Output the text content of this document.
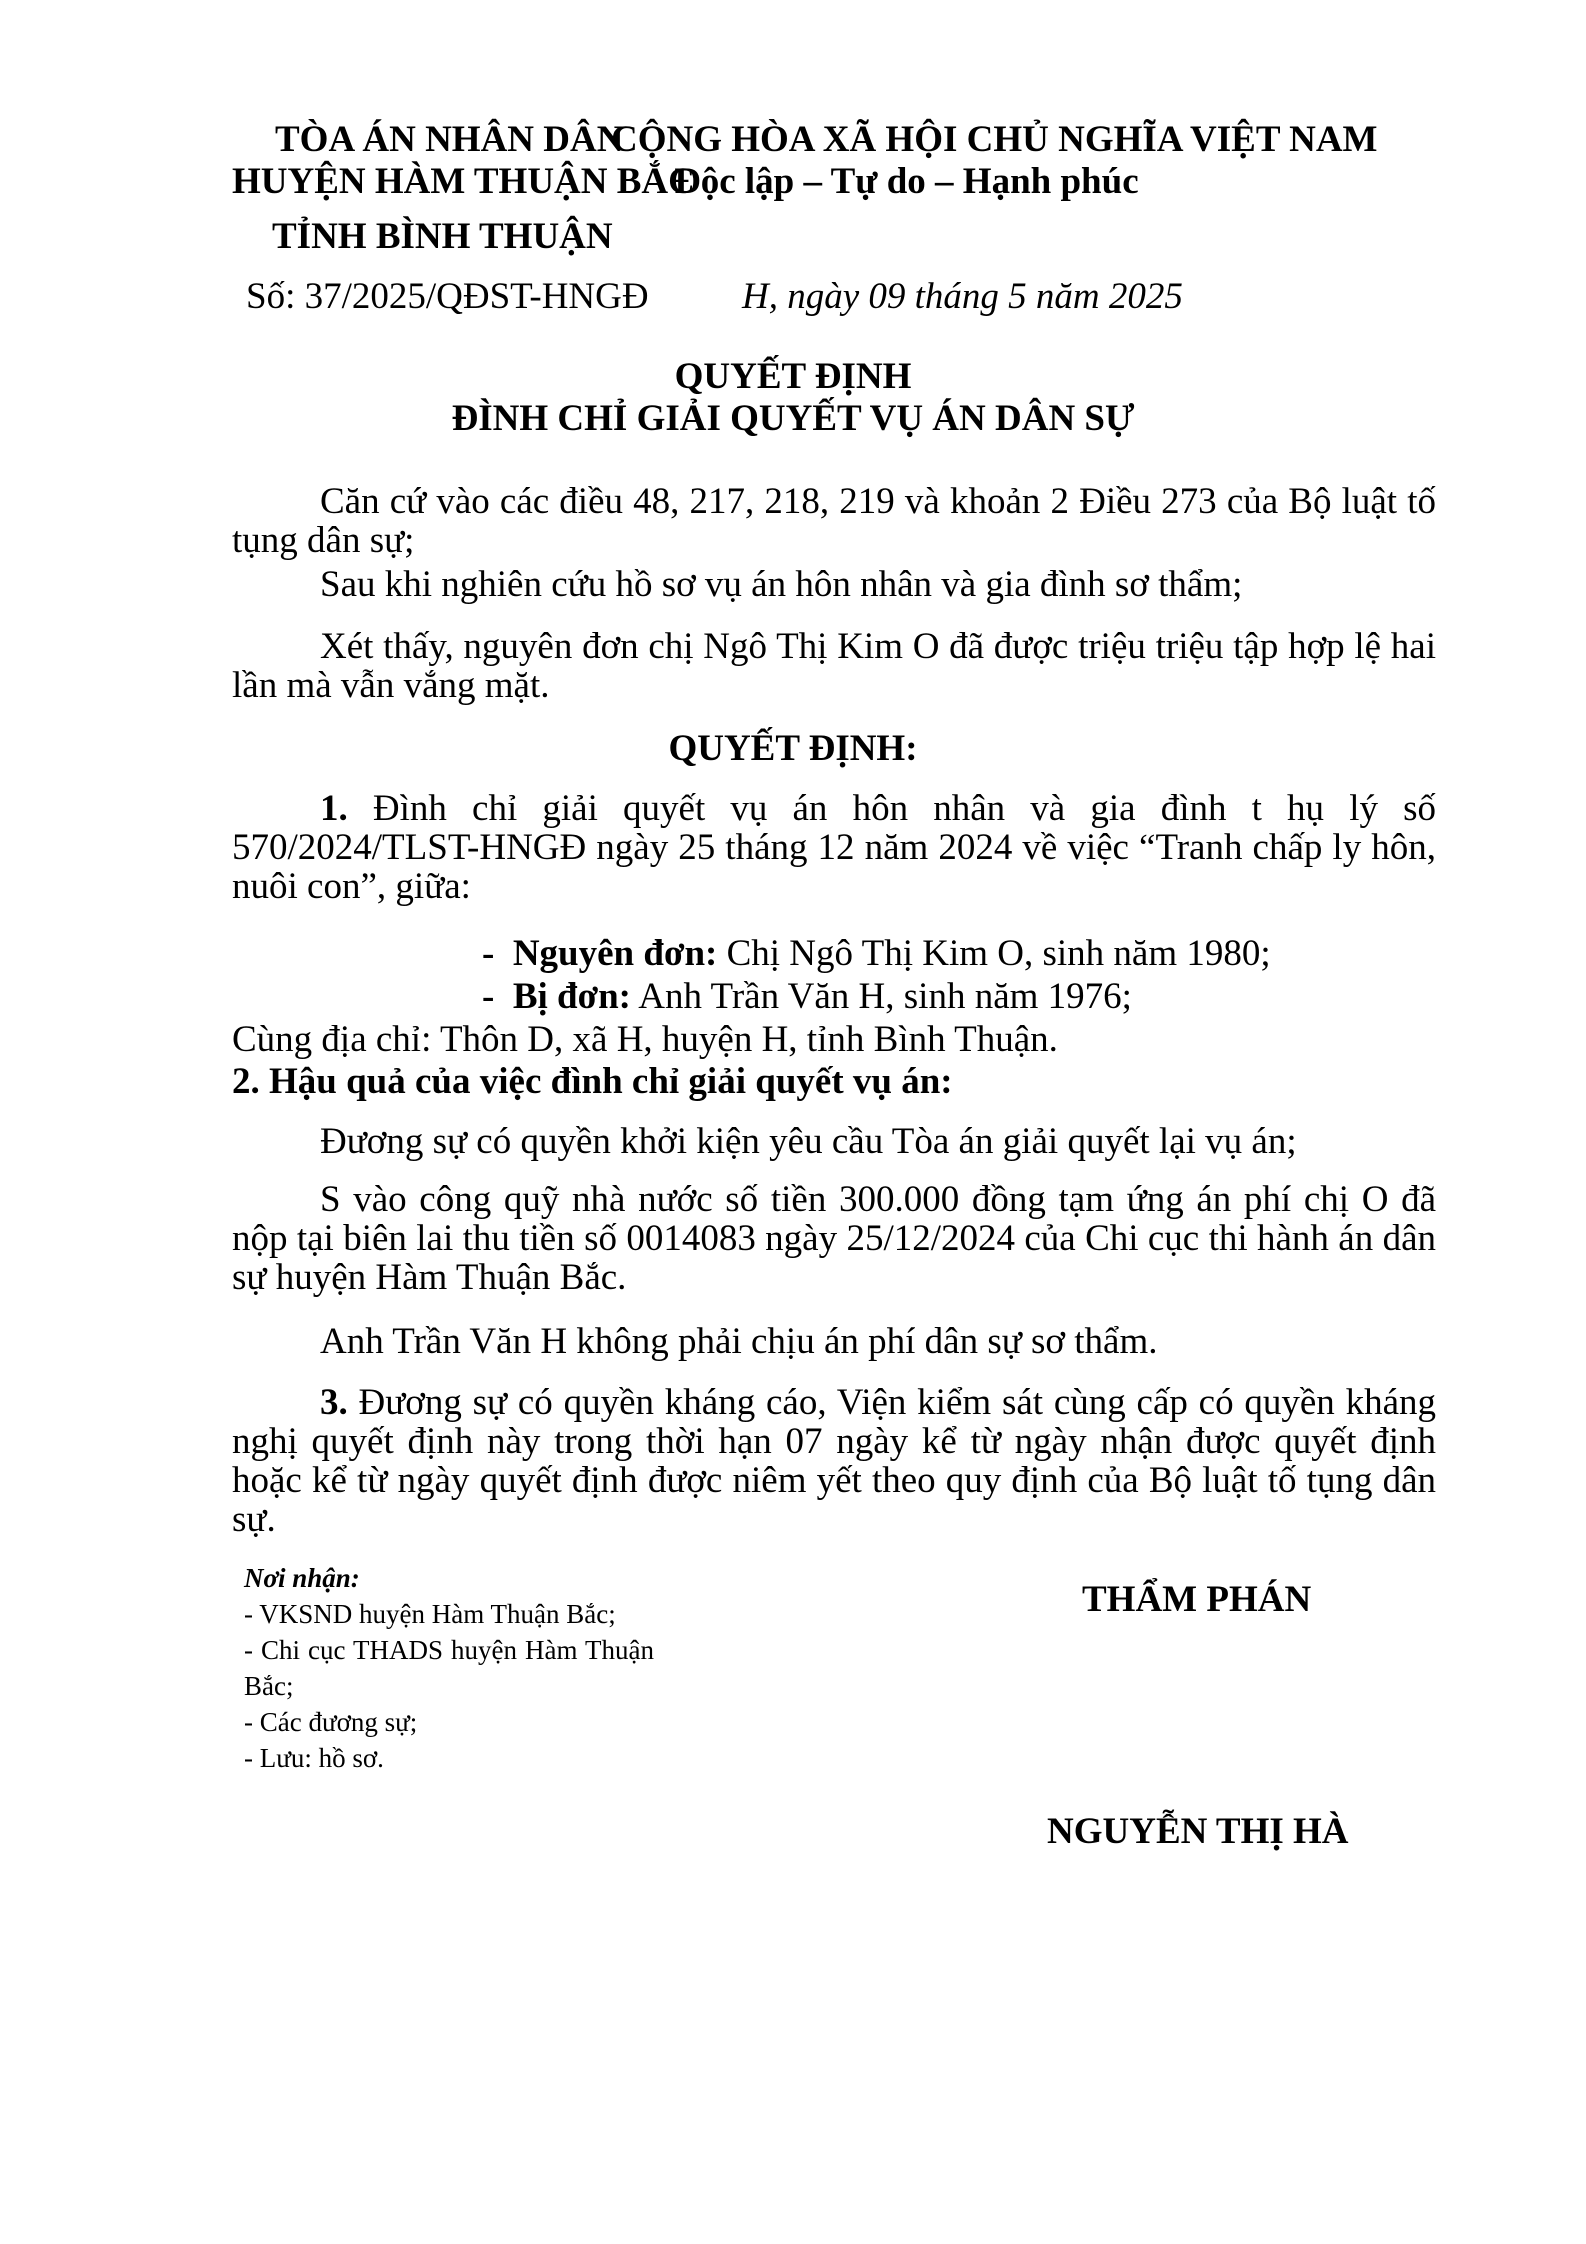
TÒA ÁN NHÂN DÂN
CỘNG HÒA XÃ HỘI CHỦ NGHĨA VIỆT NAM
HUYỆN HÀM THUẬN BẮC
Độc lập – Tự do – Hạnh phúc
TỈNH BÌNH THUẬN
Số: 37/2025/QĐST-HNGĐ	H, ngày 09 tháng 5 năm 2025
QUYẾT ĐỊNH
ĐÌNH CHỈ GIẢI QUYẾT VỤ ÁN DÂN SỰ
Căn cứ vào các điều 48, 217, 218, 219 và khoản 2 Điều 273 của Bộ luật tố tụng dân sự;
Sau khi nghiên cứu hồ sơ vụ án hôn nhân và gia đình sơ thẩm;
Xét thấy, nguyên đơn chị Ngô Thị Kim O đã được triệu triệu tập hợp lệ hai lần mà vẫn vắng mặt.
QUYẾT ĐỊNH:
1. Đình chỉ giải quyết vụ án hôn nhân và gia đình t hụ lý số 570/2024/TLST-HNGĐ ngày 25 tháng 12 năm 2024 về việc “Tranh chấp ly hôn, nuôi con”, giữa:
- Nguyên đơn: Chị Ngô Thị Kim O, sinh năm 1980;
- Bị đơn: Anh Trần Văn H, sinh năm 1976;
Cùng địa chỉ: Thôn D, xã H, huyện H, tỉnh Bình Thuận.
2. Hậu quả của việc đình chỉ giải quyết vụ án:
Đương sự có quyền khởi kiện yêu cầu Tòa án giải quyết lại vụ án;
S vào công quỹ nhà nước số tiền 300.000 đồng tạm ứng án phí chị O đã nộp tại biên lai thu tiền số 0014083 ngày 25/12/2024 của Chi cục thi hành án dân sự huyện Hàm Thuận Bắc.
Anh Trần Văn H không phải chịu án phí dân sự sơ thẩm.
3. Đương sự có quyền kháng cáo, Viện kiểm sát cùng cấp có quyền kháng nghị quyết định này trong thời hạn 07 ngày kể từ ngày nhận được quyết định hoặc kể từ ngày quyết định được niêm yết theo quy định của Bộ luật tố tụng dân sự.
Nơi nhận:
- VKSND huyện Hàm Thuận Bắc;
- Chi cục THADS huyện Hàm Thuận Bắc;
- Các đương sự;
- Lưu: hồ sơ.
THẨM PHÁN
NGUYỄN THỊ HÀ
